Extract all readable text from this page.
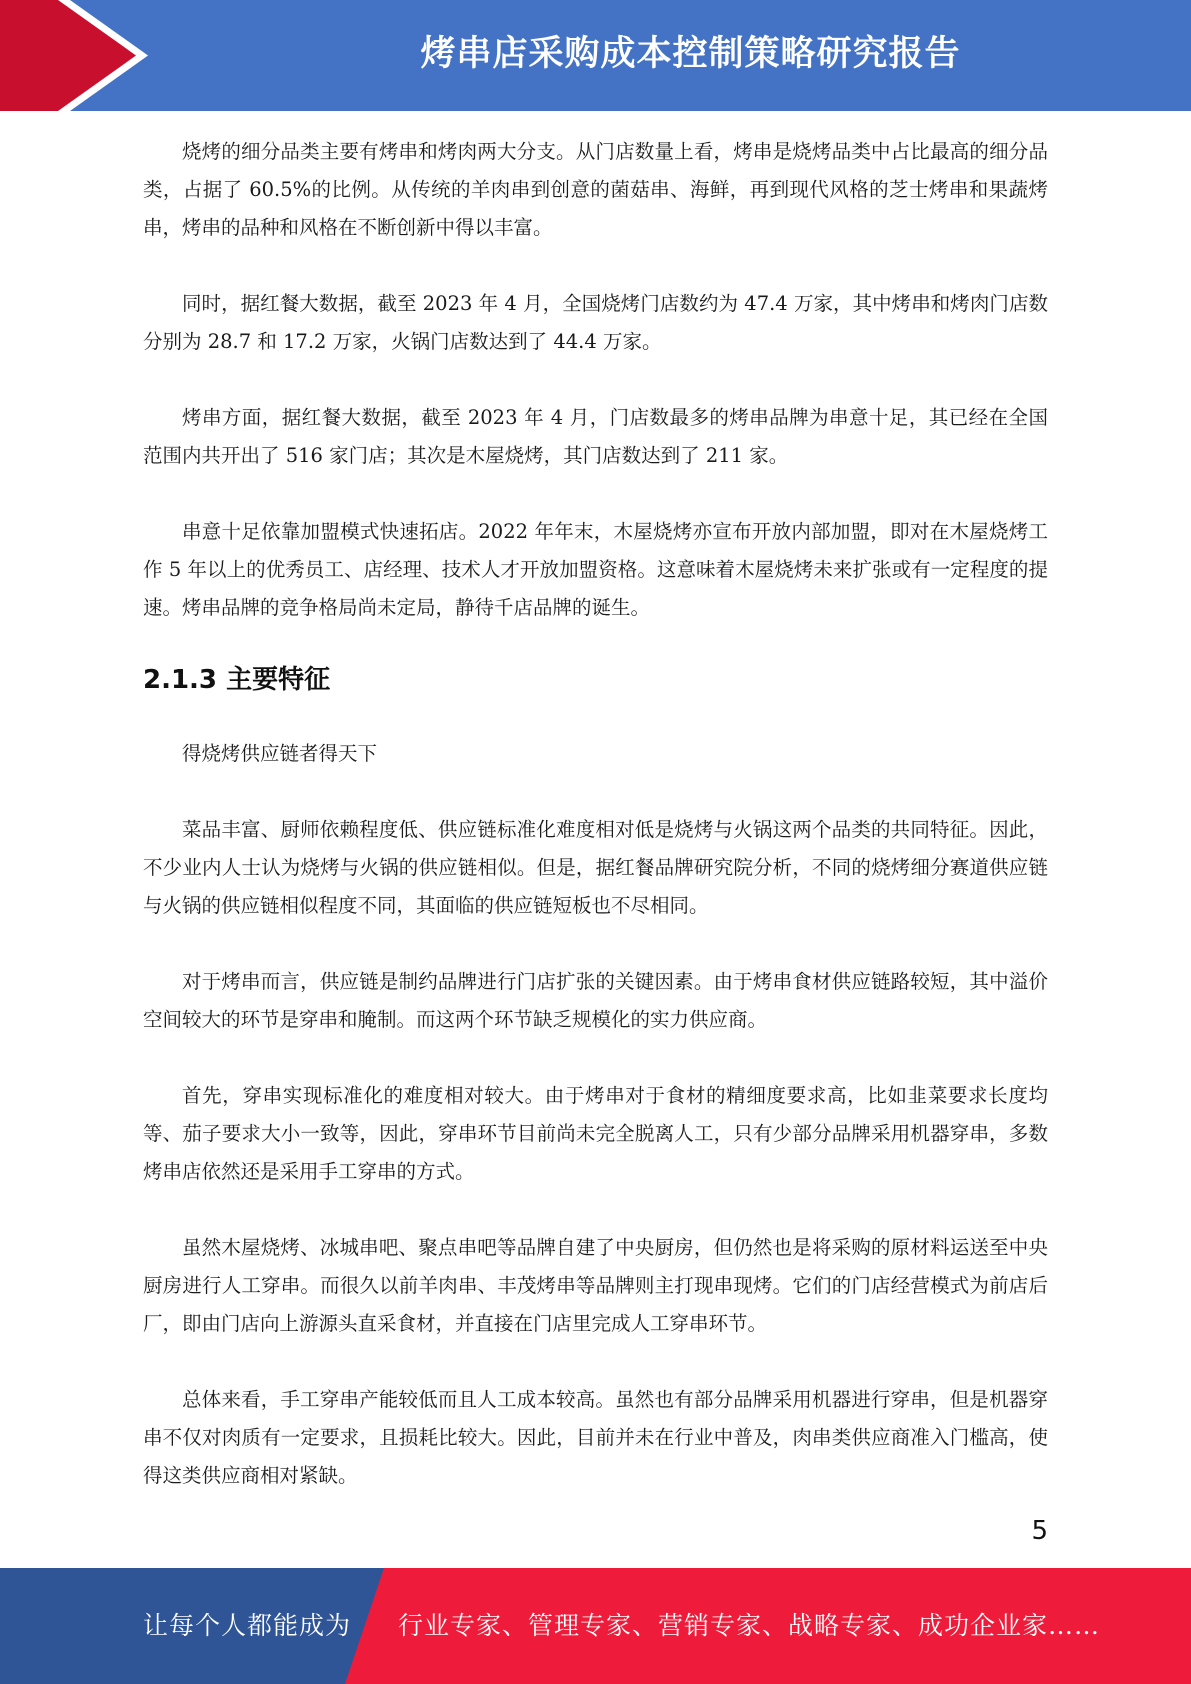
烤串店采购成本控制策略研究报告

烧烤的细分品类主要有烤串和烤肉两大分支。从门店数量上看，烤串是烧烤品类中占比最高的细分品类，占据了 60.5%的比例。从传统的羊肉串到创意的菌菇串、海鲜，再到现代风格的芝士烤串和果蔬烤串，烤串的品种和风格在不断创新中得以丰富。

同时，据红餐大数据，截至 2023 年 4 月，全国烧烤门店数约为 47.4 万家，其中烤串和烤肉门店数分别为 28.7 和 17.2 万家，火锅门店数达到了 44.4 万家。

烤串方面，据红餐大数据，截至 2023 年 4 月，门店数最多的烤串品牌为串意十足，其已经在全国范围内共开出了 516 家门店；其次是木屋烧烤，其门店数达到了 211 家。

串意十足依靠加盟模式快速拓店。2022 年年末，木屋烧烤亦宣布开放内部加盟，即对在木屋烧烤工作 5 年以上的优秀员工、店经理、技术人才开放加盟资格。这意味着木屋烧烤未来扩张或有一定程度的提速。烤串品牌的竞争格局尚未定局，静待千店品牌的诞生。

2.1.3 主要特征

得烧烤供应链者得天下

菜品丰富、厨师依赖程度低、供应链标准化难度相对低是烧烤与火锅这两个品类的共同特征。因此，不少业内人士认为烧烤与火锅的供应链相似。但是，据红餐品牌研究院分析，不同的烧烤细分赛道供应链与火锅的供应链相似程度不同，其面临的供应链短板也不尽相同。

对于烤串而言，供应链是制约品牌进行门店扩张的关键因素。由于烤串食材供应链路较短，其中溢价空间较大的环节是穿串和腌制。而这两个环节缺乏规模化的实力供应商。

首先，穿串实现标准化的难度相对较大。由于烤串对于食材的精细度要求高，比如韭菜要求长度均等、茄子要求大小一致等，因此，穿串环节目前尚未完全脱离人工，只有少部分品牌采用机器穿串，多数烤串店依然还是采用手工穿串的方式。

虽然木屋烧烤、冰城串吧、聚点串吧等品牌自建了中央厨房，但仍然也是将采购的原材料运送至中央厨房进行人工穿串。而很久以前羊肉串、丰茂烤串等品牌则主打现串现烤。它们的门店经营模式为前店后厂，即由门店向上游源头直采食材，并直接在门店里完成人工穿串环节。

总体来看，手工穿串产能较低而且人工成本较高。虽然也有部分品牌采用机器进行穿串，但是机器穿串不仅对肉质有一定要求，且损耗比较大。因此，目前并未在行业中普及，肉串类供应商准入门槛高，使得这类供应商相对紧缺。

5
让每个人都能成为 行业专家、管理专家、营销专家、战略专家、成功企业家……
